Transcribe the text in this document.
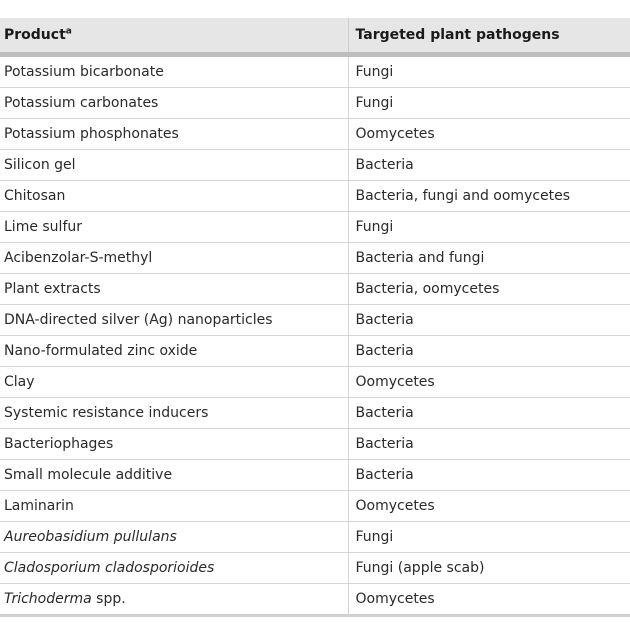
Product$^a$	Targeted plant pathogens
Potassium bicarbonate	Fungi
Potassium carbonates	Fungi
Potassium phosphonates	Oomycetes
Silicon gel	Bacteria
Chitosan	Bacteria, fungi and oomycetes
Lime sulfur	Fungi
Acibenzolar-S-methyl	Bacteria and fungi
Plant extracts	Bacteria, oomycetes
DNA-directed silver (Ag) nanoparticles	Bacteria
Nano-formulated zinc oxide	Bacteria
Clay	Oomycetes
Systemic resistance inducers	Bacteria
Bacteriophages	Bacteria
Small molecule additive	Bacteria
Laminarin	Oomycetes
Aureobasidium pullulans	Fungi
Cladosporium cladosporioides	Fungi (apple scab)
Trichoderma spp.	Oomycetes
